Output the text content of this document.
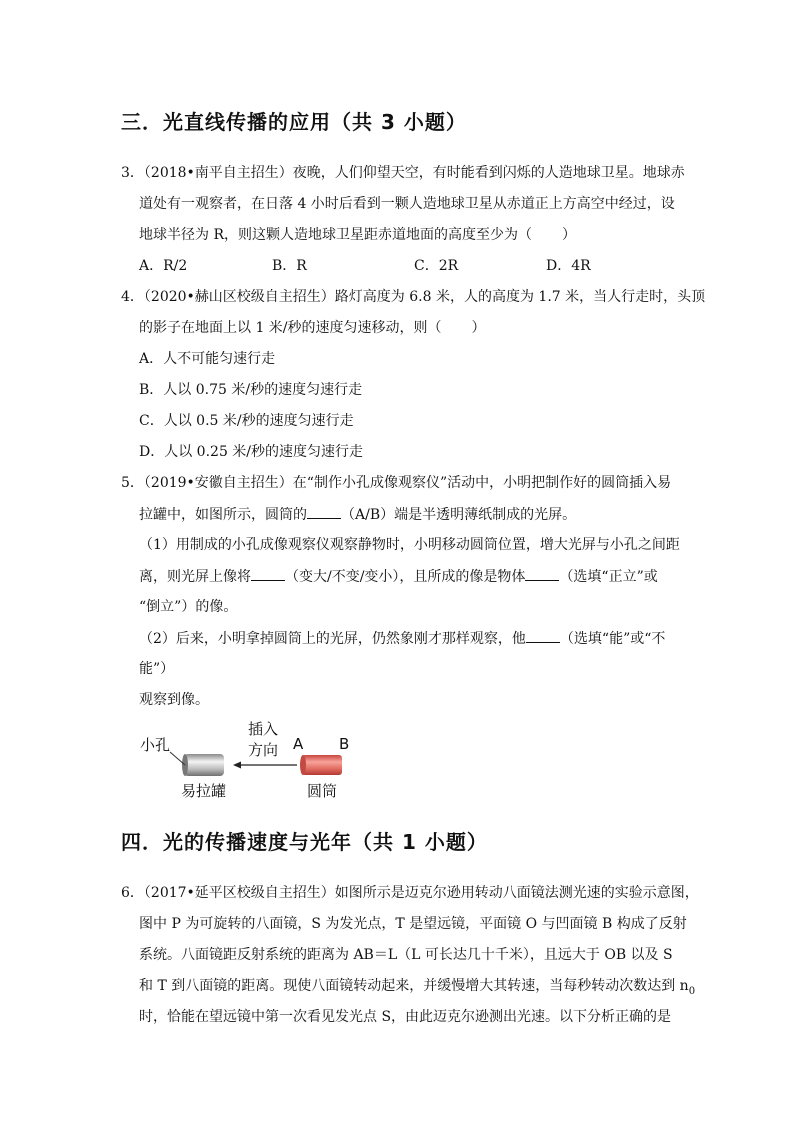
三．光直线传播的应用（共 3 小题）
3．（2018•南平自主招生）夜晚，人们仰望天空，有时能看到闪烁的人造地球卫星。地球赤
道处有一观察者，在日落 4 小时后看到一颗人造地球卫星从赤道正上方高空中经过，设
地球半径为 R，则这颗人造地球卫星距赤道地面的高度至少为（ ）
A．R/2	B．R	C．2R	D．4R
4．（2020•赫山区校级自主招生）路灯高度为 6.8 米，人的高度为 1.7 米，当人行走时，头顶
的影子在地面上以 1 米/秒的速度匀速移动，则（ ）
A．人不可能匀速行走
B．人以 0.75 米/秒的速度匀速行走
C．人以 0.5 米/秒的速度匀速行走
D．人以 0.25 米/秒的速度匀速行走
5．（2019•安徽自主招生）在“制作小孔成像观察仪”活动中，小明把制作好的圆筒插入易
拉罐中，如图所示，圆筒的 （A/B）端是半透明薄纸制成的光屏。
（1）用制成的小孔成像观察仪观察静物时，小明移动圆筒位置，增大光屏与小孔之间距
离，则光屏上像将 （变大/不变/变小），且所成的像是物体 （选填“正立”或
“倒立”）的像。
（2）后来，小明拿掉圆筒上的光屏，仍然象刚才那样观察，他 （选填“能”或“不
能”）
观察到像。
小孔
插入
方向 A B
易拉罐	圆筒
四．光的传播速度与光年（共 1 小题）
6．（2017•延平区校级自主招生）如图所示是迈克尔逊用转动八面镜法测光速的实验示意图，
图中 P 为可旋转的八面镜，S 为发光点，T 是望远镜，平面镜 O 与凹面镜 B 构成了反射
系统。八面镜距反射系统的距离为 AB＝L（L 可长达几十千米），且远大于 OB 以及 S
和 T 到八面镜的距离。现使八面镜转动起来，并缓慢增大其转速，当每秒转动次数达到 $n_0$
时，恰能在望远镜中第一次看见发光点 S，由此迈克尔逊测出光速。以下分析正确的是
